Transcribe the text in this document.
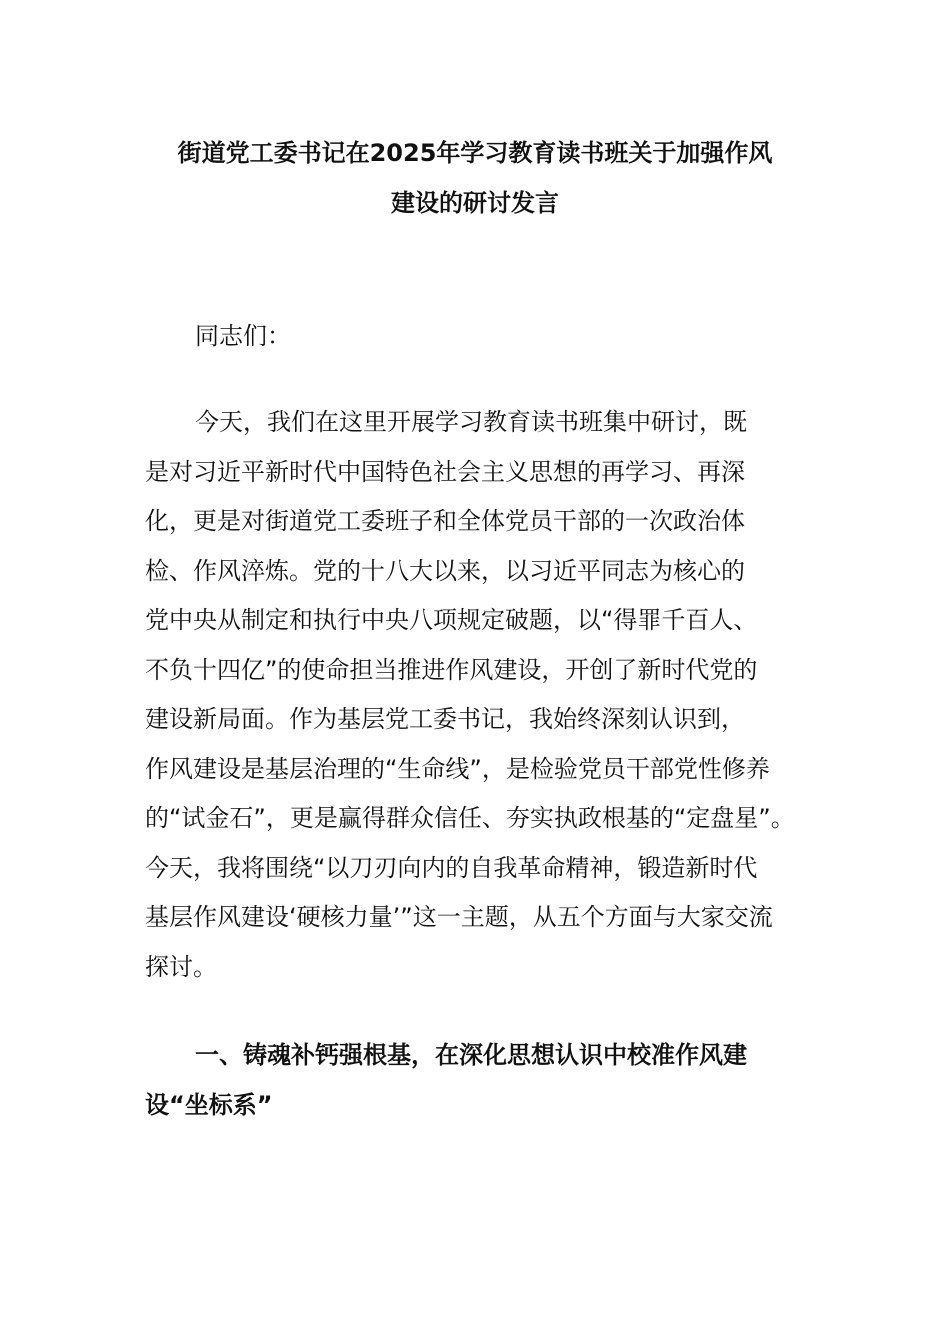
街道党工委书记在2025年学习教育读书班关于加强作风
建设的研讨发言
同志们：
今天，我们在这里开展学习教育读书班集中研讨，既
是对习近平新时代中国特色社会主义思想的再学习、再深
化，更是对街道党工委班子和全体党员干部的一次政治体
检、作风淬炼。党的十八大以来，以习近平同志为核心的
党中央从制定和执行中央八项规定破题，以“得罪千百人、
不负十四亿”的使命担当推进作风建设，开创了新时代党的
建设新局面。作为基层党工委书记，我始终深刻认识到，
作风建设是基层治理的“生命线”，是检验党员干部党性修养
的“试金石”，更是赢得群众信任、夯实执政根基的“定盘星”。
今天，我将围绕“以刀刃向内的自我革命精神，锻造新时代
基层作风建设‘硬核力量’”这一主题，从五个方面与大家交流
探讨。
一、铸魂补钙强根基，在深化思想认识中校准作风建
设“坐标系”
